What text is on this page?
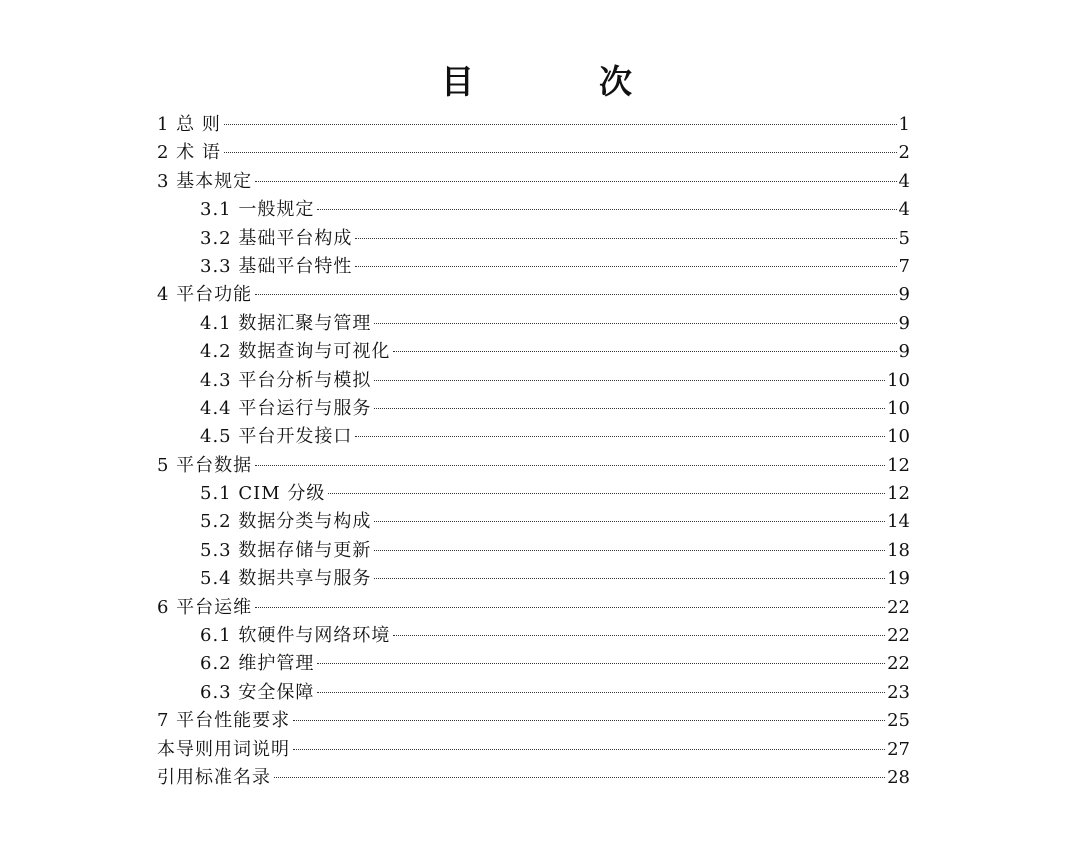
目　次
1 总 则	1
2 术 语	2
3 基本规定	4
3.1 一般规定	4
3.2 基础平台构成	5
3.3 基础平台特性	7
4 平台功能	9
4.1 数据汇聚与管理	9
4.2 数据查询与可视化	9
4.3 平台分析与模拟	10
4.4 平台运行与服务	10
4.5 平台开发接口	10
5 平台数据	12
5.1 CIM 分级	12
5.2 数据分类与构成	14
5.3 数据存储与更新	18
5.4 数据共享与服务	19
6 平台运维	22
6.1 软硬件与网络环境	22
6.2 维护管理	22
6.3 安全保障	23
7 平台性能要求	25
本导则用词说明	27
引用标准名录	28
